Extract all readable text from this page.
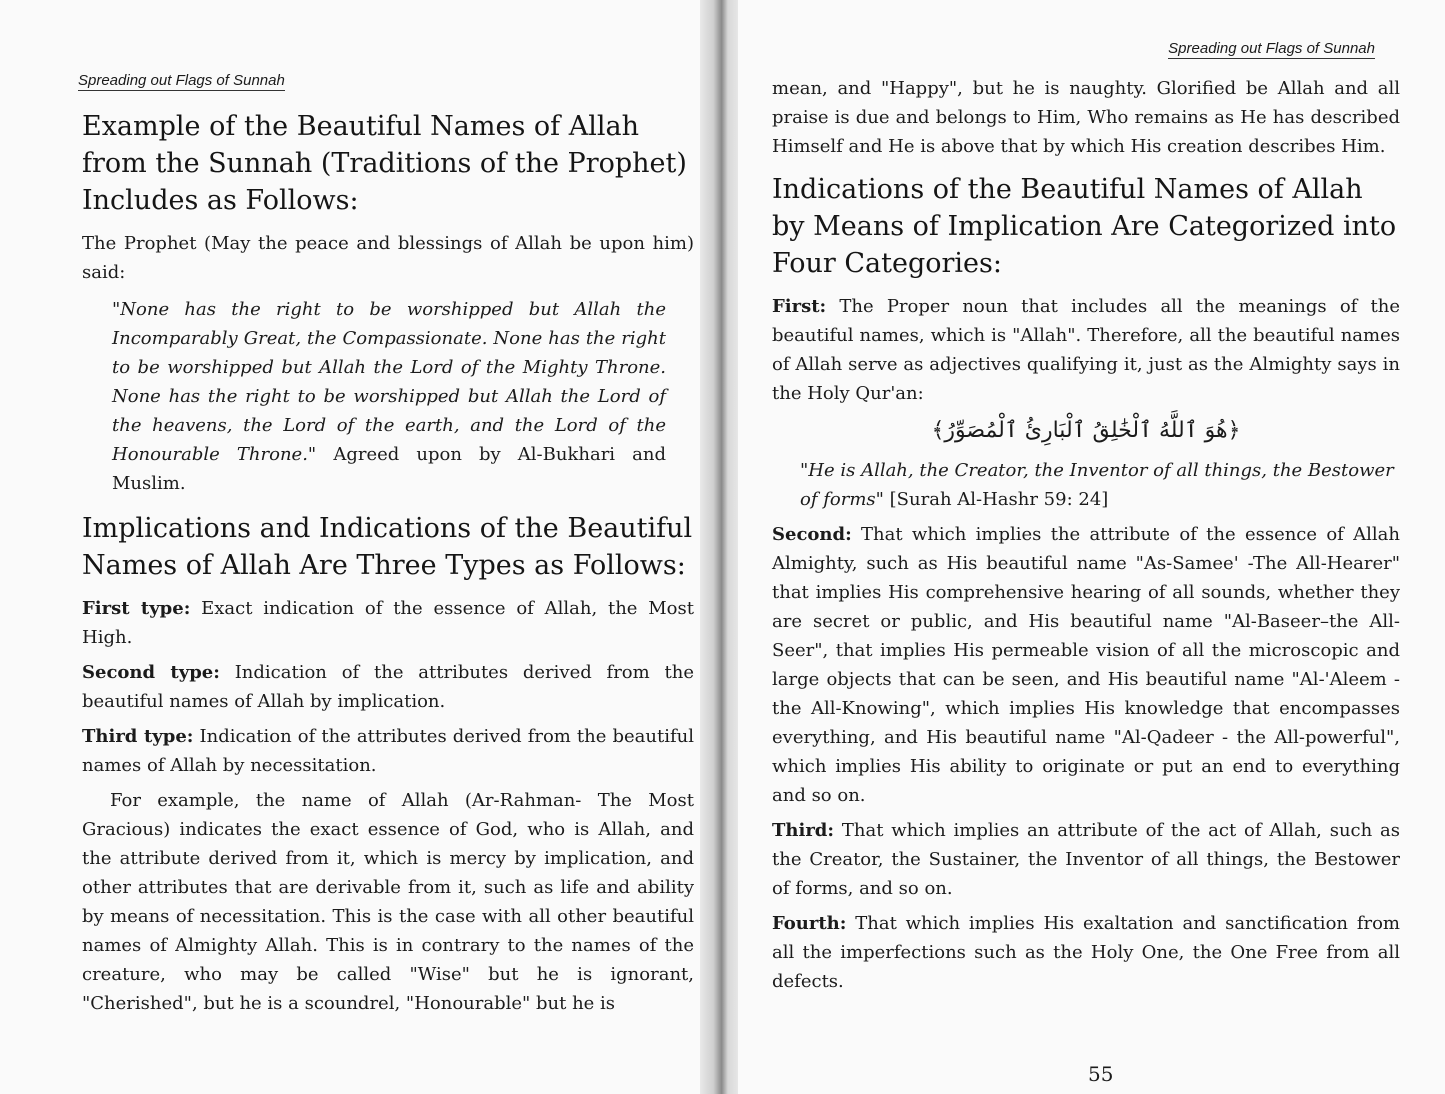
Spreading out Flags of Sunnah
Example of the Beautiful Names of Allah from the Sunnah (Traditions of the Prophet) Includes as Follows:

The Prophet (May the peace and blessings of Allah be upon him) said:

"None has the right to be worshipped but Allah the Incomparably Great, the Compassionate. None has the right to be worshipped but Allah the Lord of the Mighty Throne. None has the right to be worshipped but Allah the Lord of the heavens, the Lord of the earth, and the Lord of the Honourable Throne." Agreed upon by Al-Bukhari and Muslim.
Implications and Indications of the Beautiful Names of Allah Are Three Types as Follows:

First type: Exact indication of the essence of Allah, the Most High.

Second type: Indication of the attributes derived from the beautiful names of Allah by implication.

Third type: Indication of the attributes derived from the beautiful names of Allah by necessitation.

For example, the name of Allah (Ar-Rahman- The Most Gracious) indicates the exact essence of God, who is Allah, and the attribute derived from it, which is mercy by implication, and other attributes that are derivable from it, such as life and ability by means of necessitation. This is the case with all other beautiful names of Almighty Allah. This is in contrary to the names of the creature, who may be called "Wise" but he is ignorant, "Cherished", but he is a scoundrel, "Honourable" but he is

Spreading out Flags of Sunnah

mean, and "Happy", but he is naughty. Glorified be Allah and all praise is due and belongs to Him, Who remains as He has described Himself and He is above that by which His creation describes Him.

Indications of the Beautiful Names of Allah by Means of Implication Are Categorized into Four Categories:

First: The Proper noun that includes all the meanings of the beautiful names, which is "Allah". Therefore, all the beautiful names of Allah serve as adjectives qualifying it, just as the Almighty says in the Holy Qur'an:

﴿هُوَ ٱللَّهُ ٱلْخَٰلِقُ ٱلْبَارِئُ ٱلْمُصَوِّرُ﴾
"He is Allah, the Creator, the Inventor of all things, the Bestower of forms" [Surah Al-Hashr 59: 24]

Second: That which implies the attribute of the essence of Allah Almighty, such as His beautiful name "As-Samee' -The All-Hearer" that implies His comprehensive hearing of all sounds, whether they are secret or public, and His beautiful name "Al-Baseer–the All-Seer", that implies His permeable vision of all the microscopic and large objects that can be seen, and His beautiful name "Al-'Aleem - the All-Knowing", which implies His knowledge that encompasses everything, and His beautiful name "Al-Qadeer - the All-powerful", which implies His ability to originate or put an end to everything and so on.

Third: That which implies an attribute of the act of Allah, such as the Creator, the Sustainer, the Inventor of all things, the Bestower of forms, and so on.

Fourth: That which implies His exaltation and sanctification from all the imperfections such as the Holy One, the One Free from all defects.

55
